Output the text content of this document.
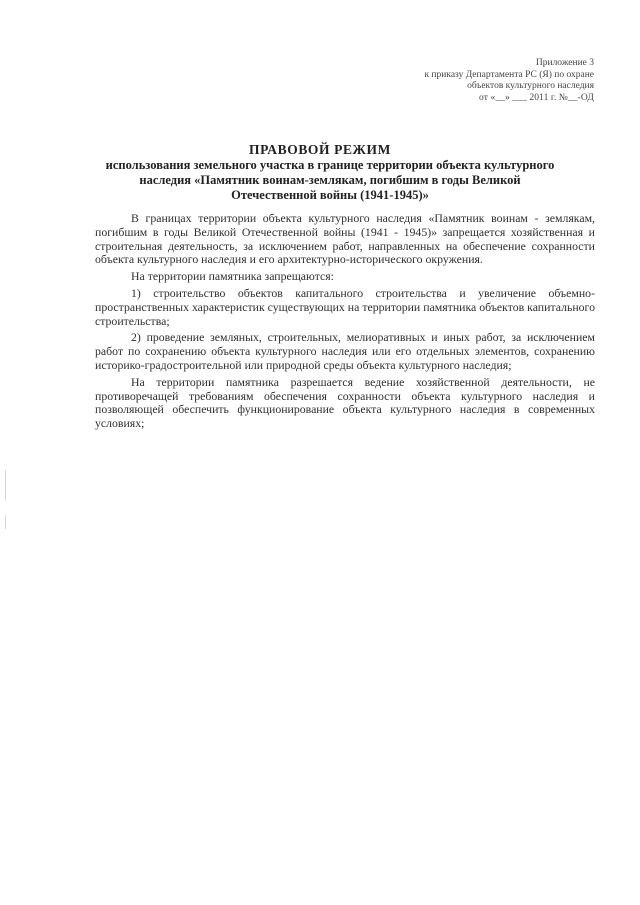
Приложение 3
к приказу Департамента РС (Я) по охране
объектов культурного наследия
от «__» ___ 2011 г. №__-ОД
ПРАВОВОЙ РЕЖИМ
использования земельного участка в границе территории объекта культурного наследия «Памятник воинам-землякам, погибшим в годы Великой Отечественной войны (1941-1945)»

В границах территории объекта культурного наследия «Памятник воинам - землякам, погибшим в годы Великой Отечественной войны (1941 - 1945)» запрещается хозяйственная и строительная деятельность, за исключением работ, направленных на обеспечение сохранности объекта культурного наследия и его архитектурно-исторического окружения.

На территории памятника запрещаются:

1) строительство объектов капитального строительства и увеличение объемно-пространственных характеристик существующих на территории памятника объектов капитального строительства;

2) проведение земляных, строительных, мелиоративных и иных работ, за исключением работ по сохранению объекта культурного наследия или его отдельных элементов, сохранению историко-градостроительной или природной среды объекта культурного наследия;

На территории памятника разрешается ведение хозяйственной деятельности, не противоречащей требованиям обеспечения сохранности объекта культурного наследия и позволяющей обеспечить функционирование объекта культурного наследия в современных условиях;
